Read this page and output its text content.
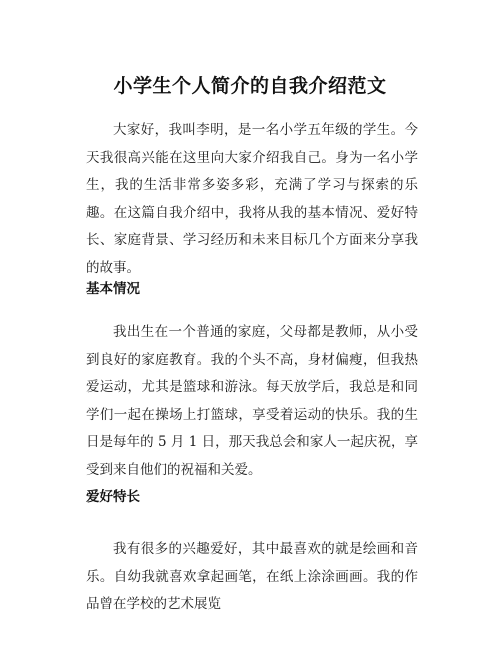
小学生个人简介的自我介绍范文

大家好，我叫李明，是一名小学五年级的学生。今天我很高兴能在这里向大家介绍我自己。身为一名小学生，我的生活非常多姿多彩，充满了学习与探索的乐趣。在这篇自我介绍中，我将从我的基本情况、爱好特长、家庭背景、学习经历和未来目标几个方面来分享我的故事。

基本情况

我出生在一个普通的家庭，父母都是教师，从小受到良好的家庭教育。我的个头不高，身材偏瘦，但我热爱运动，尤其是篮球和游泳。每天放学后，我总是和同学们一起在操场上打篮球，享受着运动的快乐。我的生日是每年的 5 月 1 日，那天我总会和家人一起庆祝，享受到来自他们的祝福和关爱。

爱好特长

我有很多的兴趣爱好，其中最喜欢的就是绘画和音乐。自幼我就喜欢拿起画笔，在纸上涂涂画画。我的作品曾在学校的艺术展览
